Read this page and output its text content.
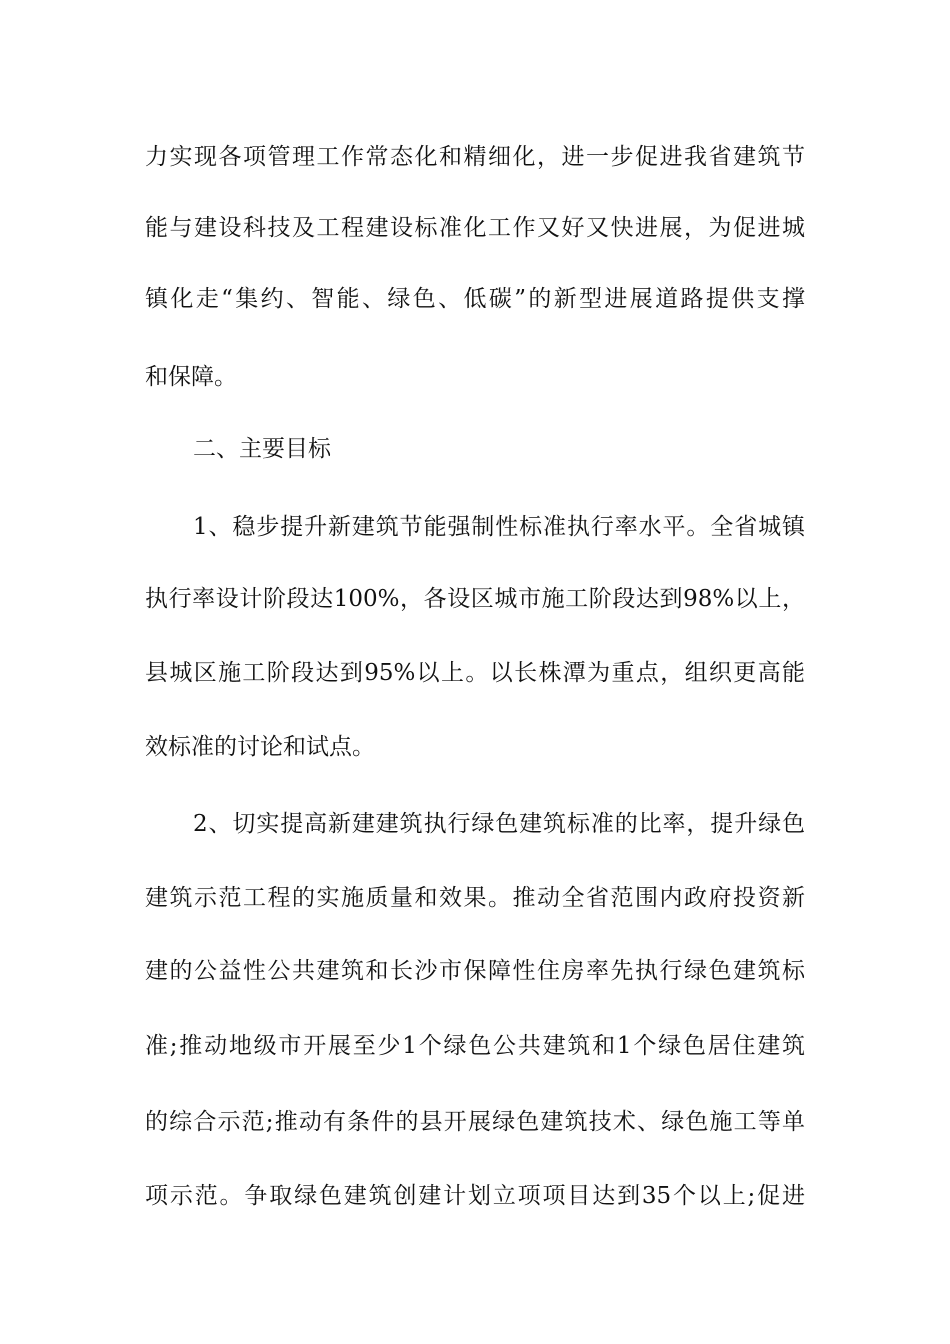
力实现各项管理工作常态化和精细化，进一步促进我省建筑节
能与建设科技及工程建设标准化工作又好又快进展，为促进城
镇化走“集约、智能、绿色、低碳”的新型进展道路提供支撑
和保障。
二、主要目标
1、稳步提升新建筑节能强制性标准执行率水平。全省城镇
执行率设计阶段达100%，各设区城市施工阶段达到98%以上，
县城区施工阶段达到95%以上。以长株潭为重点，组织更高能
效标准的讨论和试点。
2、切实提高新建建筑执行绿色建筑标准的比率，提升绿色
建筑示范工程的实施质量和效果。推动全省范围内政府投资新
建的公益性公共建筑和长沙市保障性住房率先执行绿色建筑标
准;推动地级市开展至少1个绿色公共建筑和1个绿色居住建筑
的综合示范;推动有条件的县开展绿色建筑技术、绿色施工等单
项示范。争取绿色建筑创建计划立项项目达到35个以上;促进
